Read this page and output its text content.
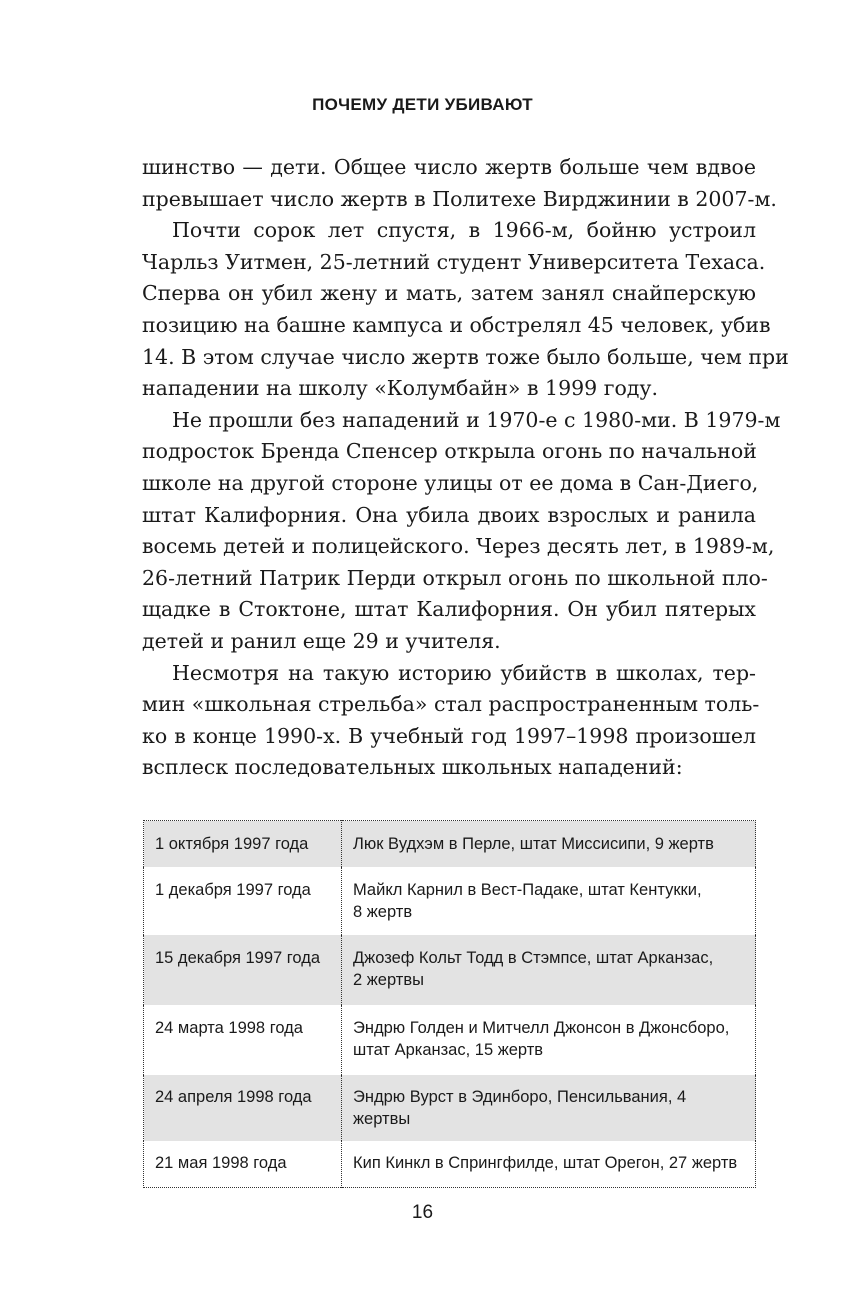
ПОЧЕМУ ДЕТИ УБИВАЮТ

шинство — дети. Общее число жертв больше чем вдвое
превышает число жертв в Политехе Вирджинии в 2007-м.

Почти сорок лет спустя, в 1966-м, бойню устроил
Чарльз Уитмен, 25-летний студент Университета Техаса.
Сперва он убил жену и мать, затем занял снайперскую
позицию на башне кампуса и обстрелял 45 человек, убив
14. В этом случае число жертв тоже было больше, чем при
нападении на школу «Колумбайн» в 1999 году.

Не прошли без нападений и 1970-е с 1980-ми. В 1979-м
подросток Бренда Спенсер открыла огонь по начальной
школе на другой стороне улицы от ее дома в Сан-Диего,
штат Калифорния. Она убила двоих взрослых и ранила
восемь детей и полицейского. Через десять лет, в 1989-м,
26-летний Патрик Перди открыл огонь по школьной пло-
щадке в Стоктоне, штат Калифорния. Он убил пятерых
детей и ранил еще 29 и учителя.

Несмотря на такую историю убийств в школах, тер-
мин «школьная стрельба» стал распространенным толь-
ко в конце 1990-х. В учебный год 1997–1998 произошел
всплеск последовательных школьных нападений:

1 октября 1997 года	Люк Вудхэм в Перле, штат Миссисипи, 9 жертв
1 декабря 1997 года	Майкл Карнил в Вест-Падаке, штат Кентукки,
8 жертв
15 декабря 1997 года	Джозеф Кольт Тодд в Стэмпсе, штат Арканзас,
2 жертвы
24 марта 1998 года	Эндрю Голден и Митчелл Джонсон в Джонсборо,
штат Арканзас, 15 жертв
24 апреля 1998 года	Эндрю Вурст в Эдинборо, Пенсильвания, 4 жертвы
21 мая 1998 года	Кип Кинкл в Спрингфилде, штат Орегон, 27 жертв
16
